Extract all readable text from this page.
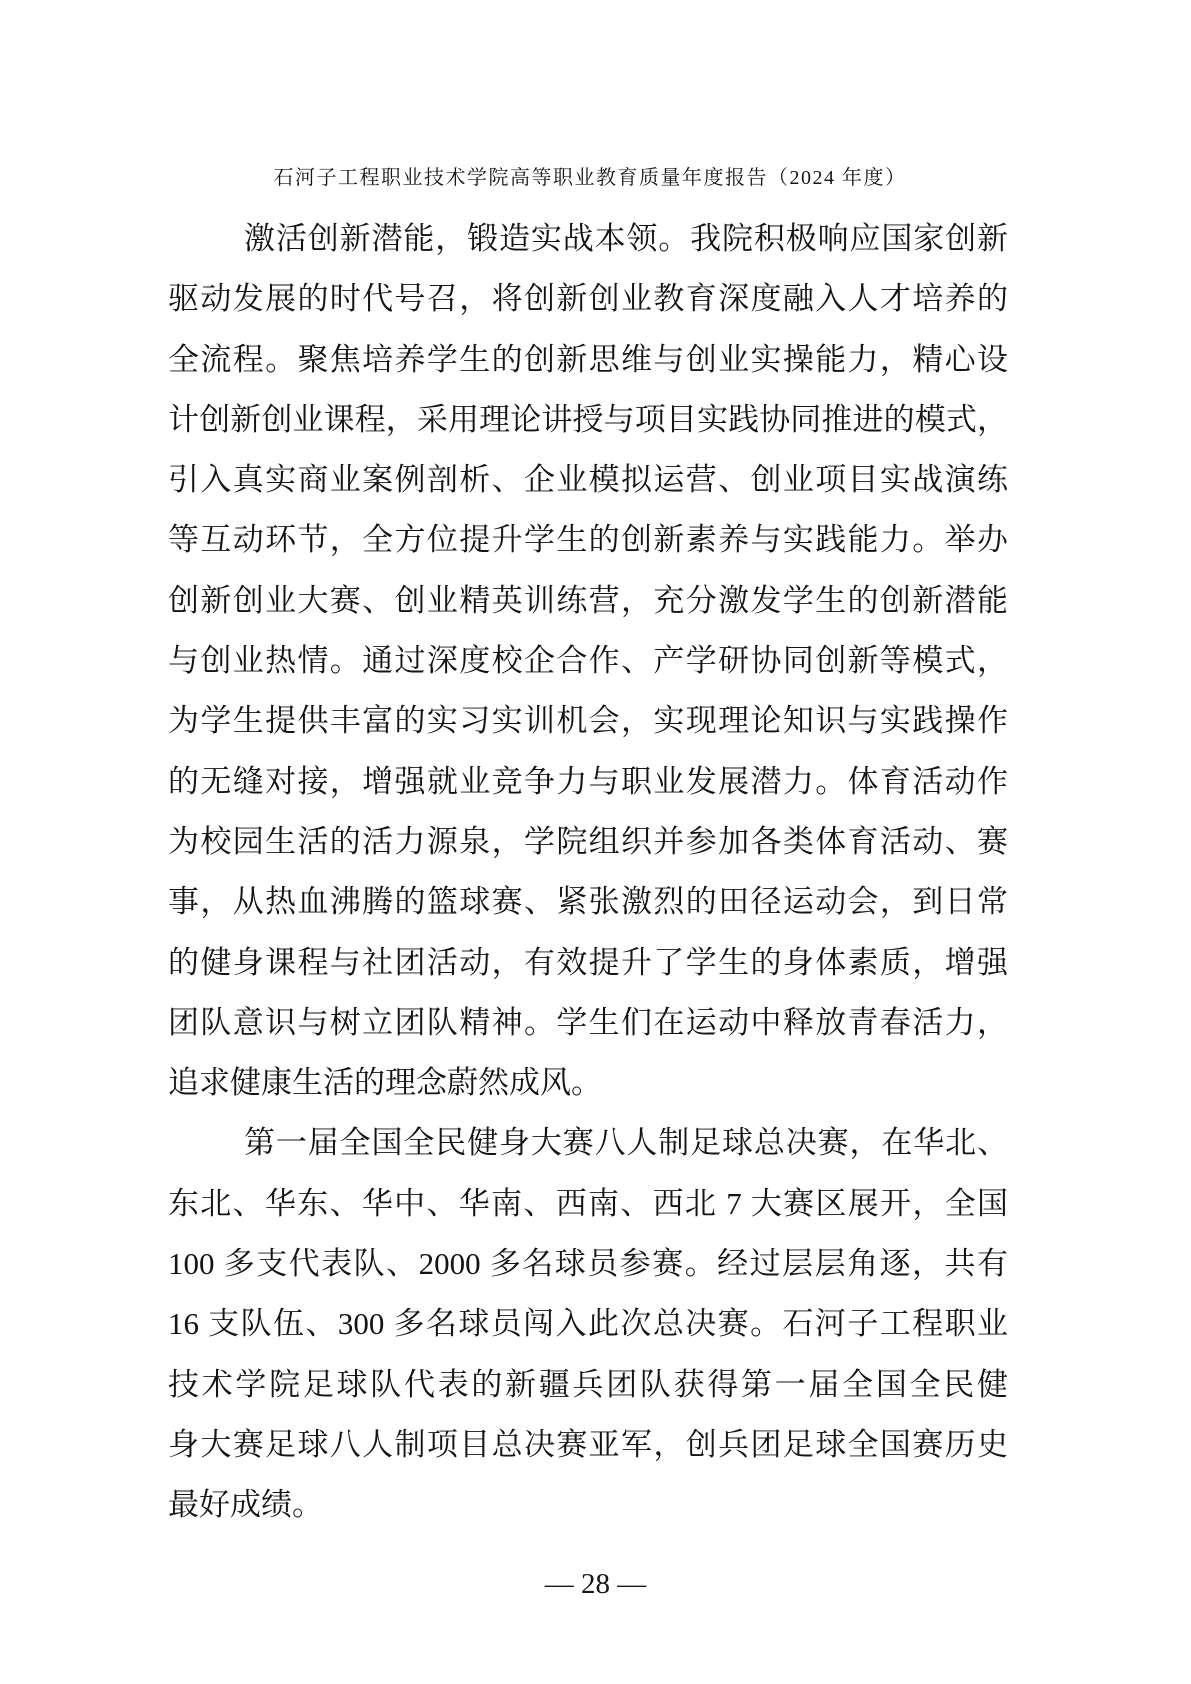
石河子工程职业技术学院高等职业教育质量年度报告（2024 年度）
激活创新潜能，锻造实战本领。我院积极响应国家创新
驱动发展的时代号召，将创新创业教育深度融入人才培养的
全流程。聚焦培养学生的创新思维与创业实操能力，精心设
计创新创业课程，采用理论讲授与项目实践协同推进的模式，
引入真实商业案例剖析、企业模拟运营、创业项目实战演练
等互动环节，全方位提升学生的创新素养与实践能力。举办
创新创业大赛、创业精英训练营，充分激发学生的创新潜能
与创业热情。通过深度校企合作、产学研协同创新等模式，
为学生提供丰富的实习实训机会，实现理论知识与实践操作
的无缝对接，增强就业竞争力与职业发展潜力。体育活动作
为校园生活的活力源泉，学院组织并参加各类体育活动、赛
事，从热血沸腾的篮球赛、紧张激烈的田径运动会，到日常
的健身课程与社团活动，有效提升了学生的身体素质，增强
团队意识与树立团队精神。学生们在运动中释放青春活力，
追求健康生活的理念蔚然成风。
第一届全国全民健身大赛八人制足球总决赛，在华北、
东北、华东、华中、华南、西南、西北 7 大赛区展开，全国
100 多支代表队、2000 多名球员参赛。经过层层角逐，共有
16 支队伍、300 多名球员闯入此次总决赛。石河子工程职业
技术学院足球队代表的新疆兵团队获得第一届全国全民健
身大赛足球八人制项目总决赛亚军，创兵团足球全国赛历史
最好成绩。
— 28 —
